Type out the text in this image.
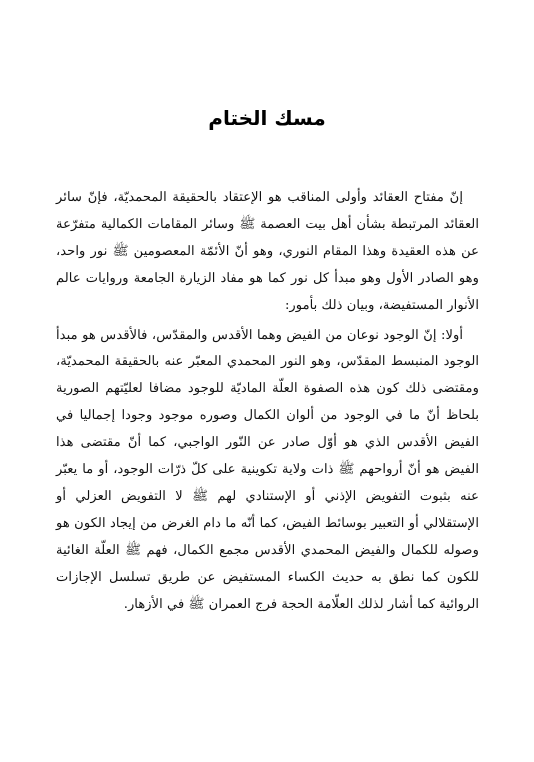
مسك الختام

إنّ مفتاح العقائد وأولى المناقب هو الإعتقاد بالحقيقة المحمديّة، فإنّ سائر العقائد المرتبطة بشأن أهل بيت العصمة ﷺ وسائر المقامات الكمالية متفرّعة عن هذه العقيدة وهذا المقام النوري، وهو أنّ الأئمّة المعصومين ﷺ نور واحد، وهو الصادر الأول وهو مبدأ كل نور كما هو مفاد الزيارة الجامعة وروايات عالم الأنوار المستفيضة، وبيان ذلك بأمور:

أولا: إنّ الوجود نوعان من الفيض وهما الأقدس والمقدّس، فالأقدس هو مبدأ الوجود المنبسط المقدّس، وهو النور المحمدي المعبّر عنه بالحقيقة المحمديّة، ومقتضى ذلك كون هذه الصفوة العلّة الماديّة للوجود مضافا لعليّتهم الصورية بلحاظ أنّ ما في الوجود من ألوان الكمال وصوره موجود وجودا إجماليا في الفيض الأقدس الذي هو أوّل صادر عن النّور الواجبي، كما أنّ مقتضى هذا الفيض هو أنّ أرواحهم ﷺ ذات ولاية تكوينية على كلّ ذرّات الوجود، أو ما يعبّر عنه بثبوت التفويض الإذني أو الإستنادي لهم ﷺ لا التفويض العزلي أو الإستقلالي أو التعبير بوسائط الفيض، كما أنّه ما دام الغرض من إيجاد الكون هو وصوله للكمال والفيض المحمدي الأقدس مجمع الكمال، فهم ﷺ العلّة الغائية للكون كما نطق به حديث الكساء المستفيض عن طريق تسلسل الإجازات الروائية كما أشار لذلك العلّامة الحجة فرج العمران ﷺ في الأزهار.
